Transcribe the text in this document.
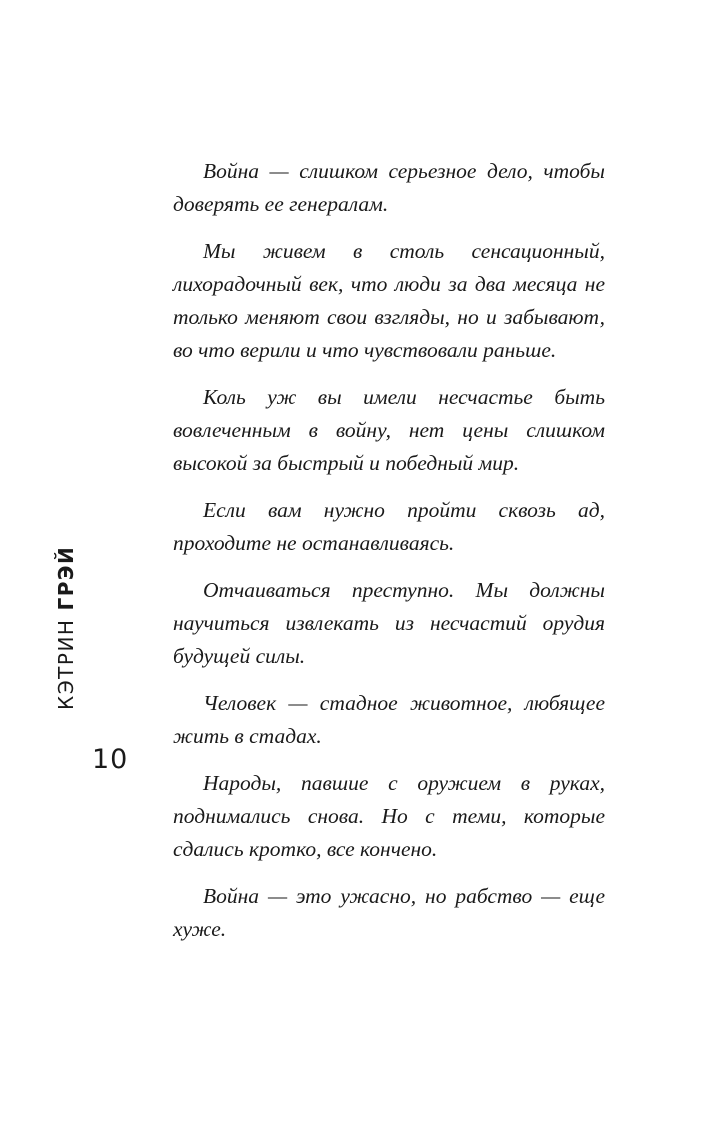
КЭТРИНГРЭЙ
10

Война — слишком серьезное дело, чтобы доверять ее генералам.

Мы живем в столь сенсационный, лихорадочный век, что люди за два месяца не только меняют свои взгляды, но и забывают, во что верили и что чувствовали раньше.

Коль уж вы имели несчастье быть вовлеченным в войну, нет цены слишком высокой за быстрый и победный мир.

Если вам нужно пройти сквозь ад, проходите не останавливаясь.

Отчаиваться преступно. Мы должны научиться извлекать из несчастий орудия будущей силы.

Человек — стадное животное, любящее жить в стадах.

Народы, павшие с оружием в руках, поднимались снова. Но с теми, которые сдались кротко, все кончено.

Война — это ужасно, но рабство — еще хуже.
